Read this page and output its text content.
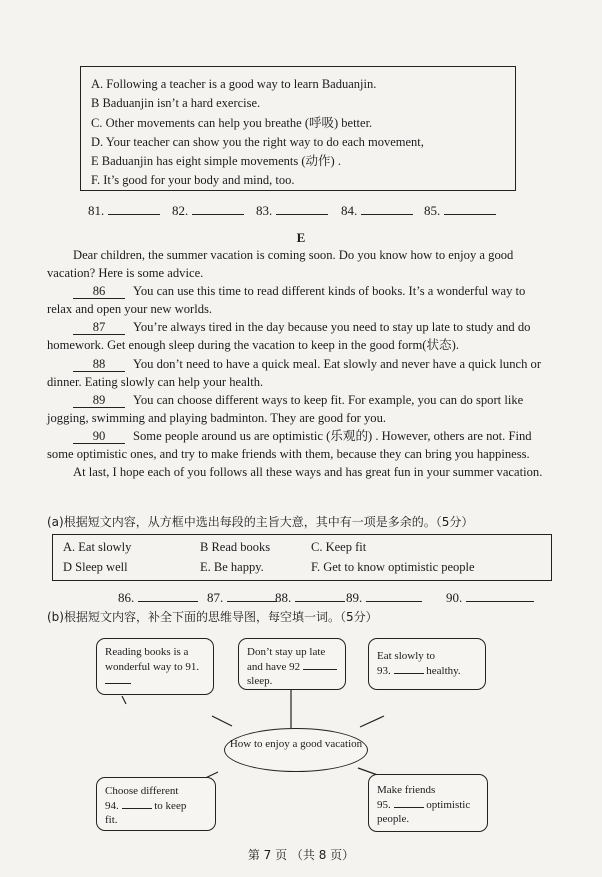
A. Following a teacher is a good way to learn Baduanjin.
B Baduanjin isn’t a hard exercise.
C. Other movements can help you breathe (呼吸) better.
D. Your teacher can show you the right way to do each movement,
E Baduanjin has eight simple movements (动作) .
F. It’s good for your body and mind, too.
81.	82.	83.	84.	85.
E

Dear children, the summer vacation is coming soon. Do you know how to enjoy a good vacation? Here is some advice.

86 You can use this time to read different kinds of books. It’s a wonderful way to relax and open your new worlds.

87 You’re always tired in the day because you need to stay up late to study and do homework. Get enough sleep during the vacation to keep in the good form(状态).

88 You don’t need to have a quick meal. Eat slowly and never have a quick lunch or dinner. Eating slowly can help your health.

89 You can choose different ways to keep fit. For example, you can do sport like jogging, swimming and playing badminton. They are good for you.

90 Some people around us are optimistic (乐观的) . However, others are not. Find some optimistic ones, and try to make friends with them, because they can bring you happiness.

At last, I hope each of you follows all these ways and has great fun in your summer vacation.

(a)根据短文内容，从方框中选出每段的主旨大意，其中有一项是多余的。（5分）
A. Eat slowly	B Read books	C. Keep fit
D Sleep well	E. Be happy.	F. Get to know optimistic people
86.	87.	88.	89.	90.
(b)根据短文内容，补全下面的思维导图，每空填一词。（5分）
Reading books is a wonderful way to 91.
Don’t stay up late and have 92
sleep.
Eat slowly to
93.	healthy.
How to enjoy a good vacation
Choose different
94.	to keep
fit.
Make friends
95.	optimistic
people.
第 7 页 （共 8 页）
